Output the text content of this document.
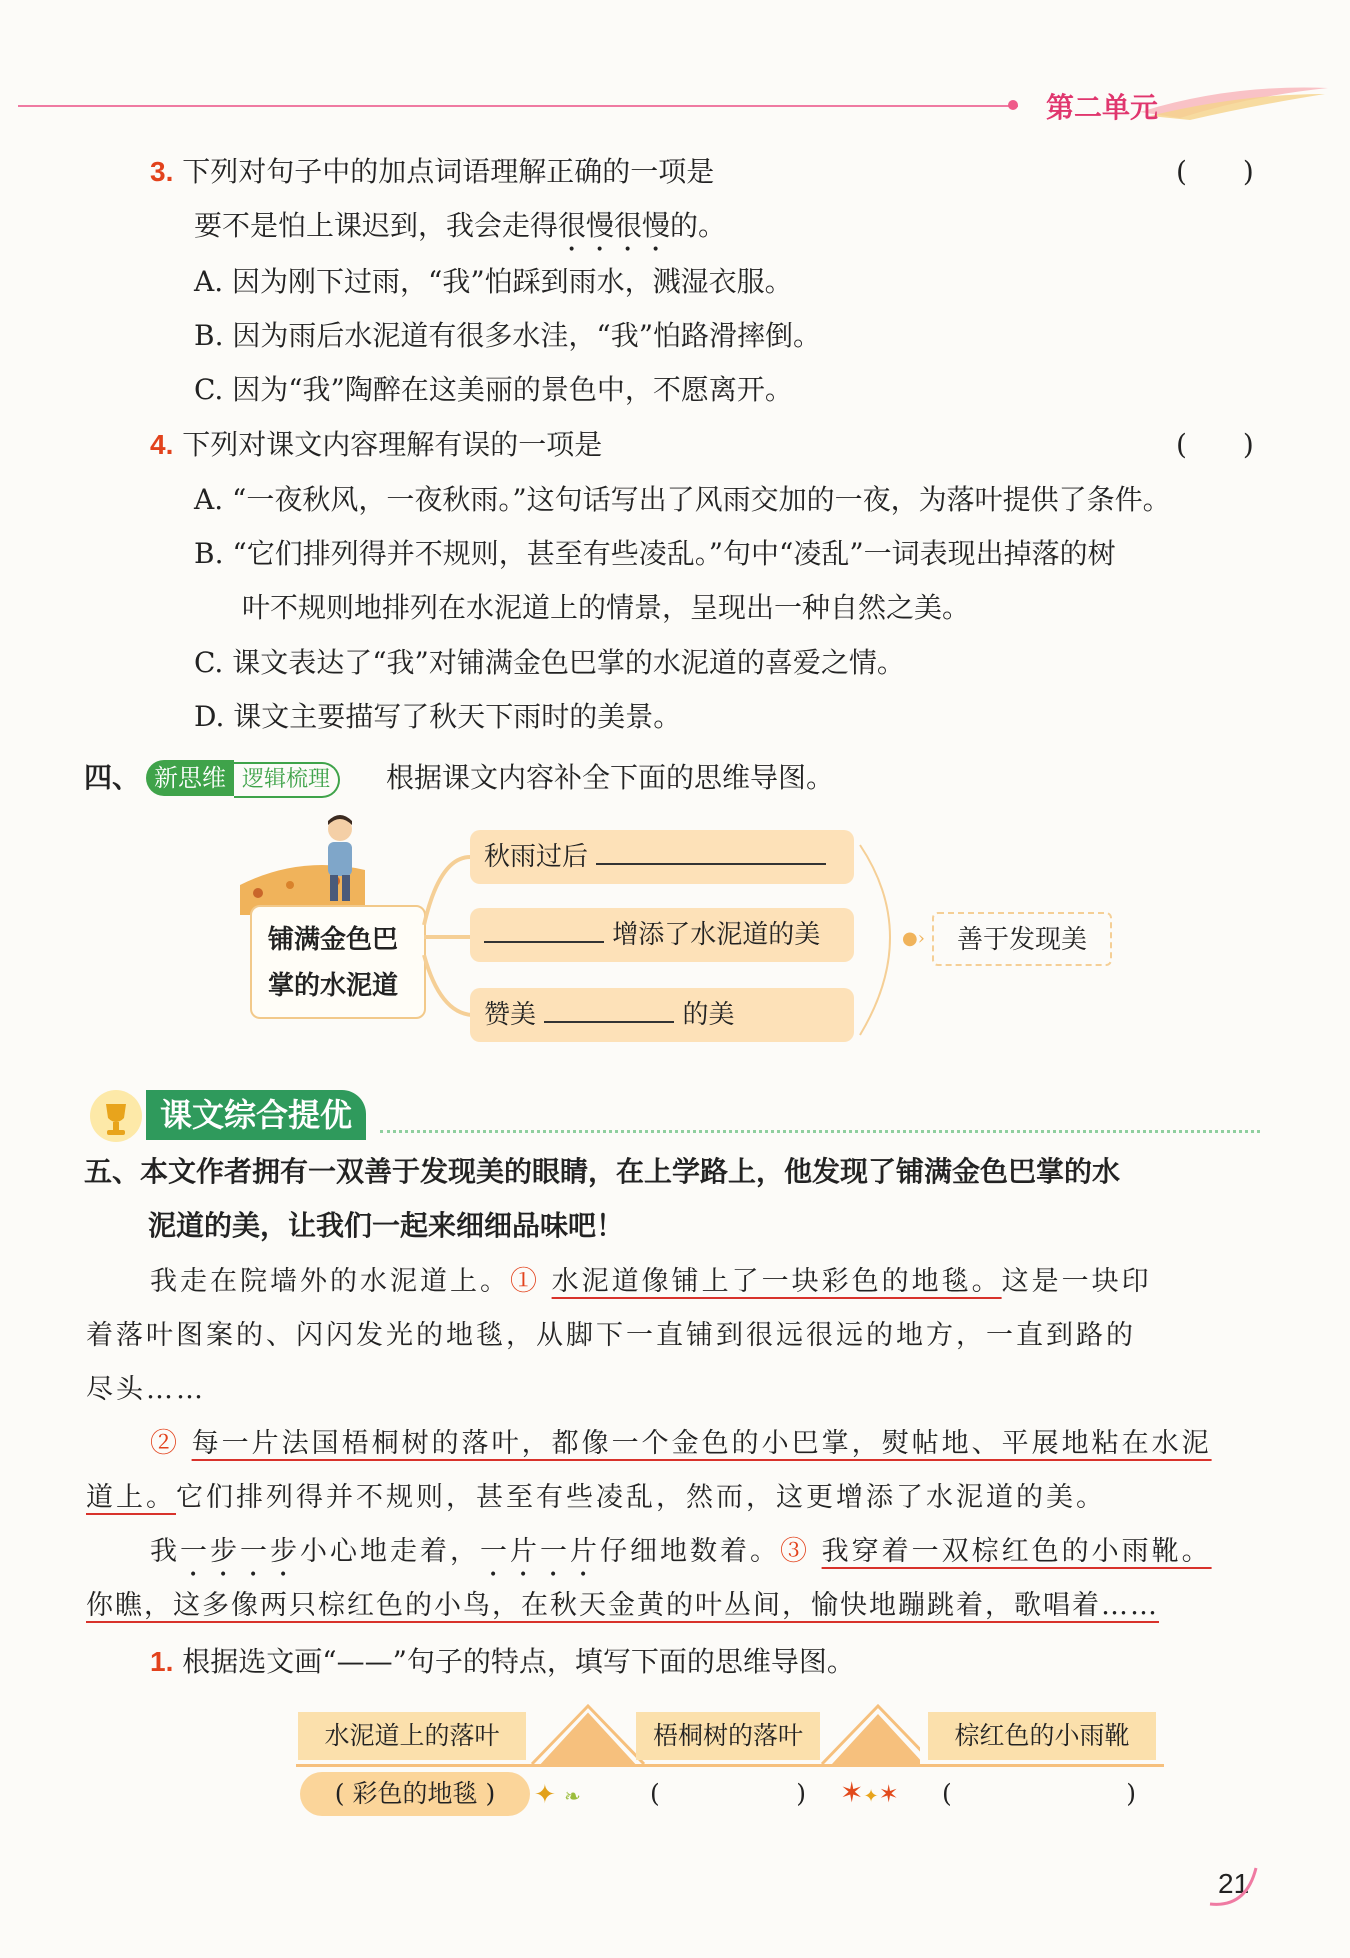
第二单元
3. 下列对句子中的加点词语理解正确的一项是	(　　)
要不是怕上课迟到，我会走得很慢很慢的。
A. 因为刚下过雨，“我”怕踩到雨水，溅湿衣服。
B. 因为雨后水泥道有很多水洼，“我”怕路滑摔倒。
C. 因为“我”陶醉在这美丽的景色中，不愿离开。
4. 下列对课文内容理解有误的一项是	(　　)
A. “一夜秋风，一夜秋雨。”这句话写出了风雨交加的一夜，为落叶提供了条件。
B. “它们排列得并不规则，甚至有些凌乱。”句中“凌乱”一词表现出掉落的树
叶不规则地排列在水泥道上的情景，呈现出一种自然之美。
C. 课文表达了“我”对铺满金色巴掌的水泥道的喜爱之情。
D. 课文主要描写了秋天下雨时的美景。
四、 新思维 逻辑梳理	根据课文内容补全下面的思维导图。
铺满金色巴
掌的水泥道
秋雨过后
增添了水泥道的美
赞美	的美
●›	善于发现美
课文综合提优
五、本文作者拥有一双善于发现美的眼睛，在上学路上，他发现了铺满金色巴掌的水
泥道的美，让我们一起来细细品味吧！
我走在院墙外的水泥道上。① 水泥道像铺上了一块彩色的地毯。这是一块印
着落叶图案的、闪闪发光的地毯，从脚下一直铺到很远很远的地方，一直到路的
尽头……
② 每一片法国梧桐树的落叶，都像一个金色的小巴掌，熨帖地、平展地粘在水泥
道上。它们排列得并不规则，甚至有些凌乱，然而，这更增添了水泥道的美。
我一步一步小心地走着，一片一片仔细地数着。③ 我穿着一双棕红色的小雨靴。
你瞧，这多像两只棕红色的小鸟，在秋天金黄的叶丛间，愉快地蹦跳着，歌唱着……
1. 根据选文画“——”句子的特点，填写下面的思维导图。
水泥道上的落叶	梧桐树的落叶	棕红色的小雨靴
( 彩色的地毯 )	✦ ❧	(	) ✶✦✶ (	)
21
